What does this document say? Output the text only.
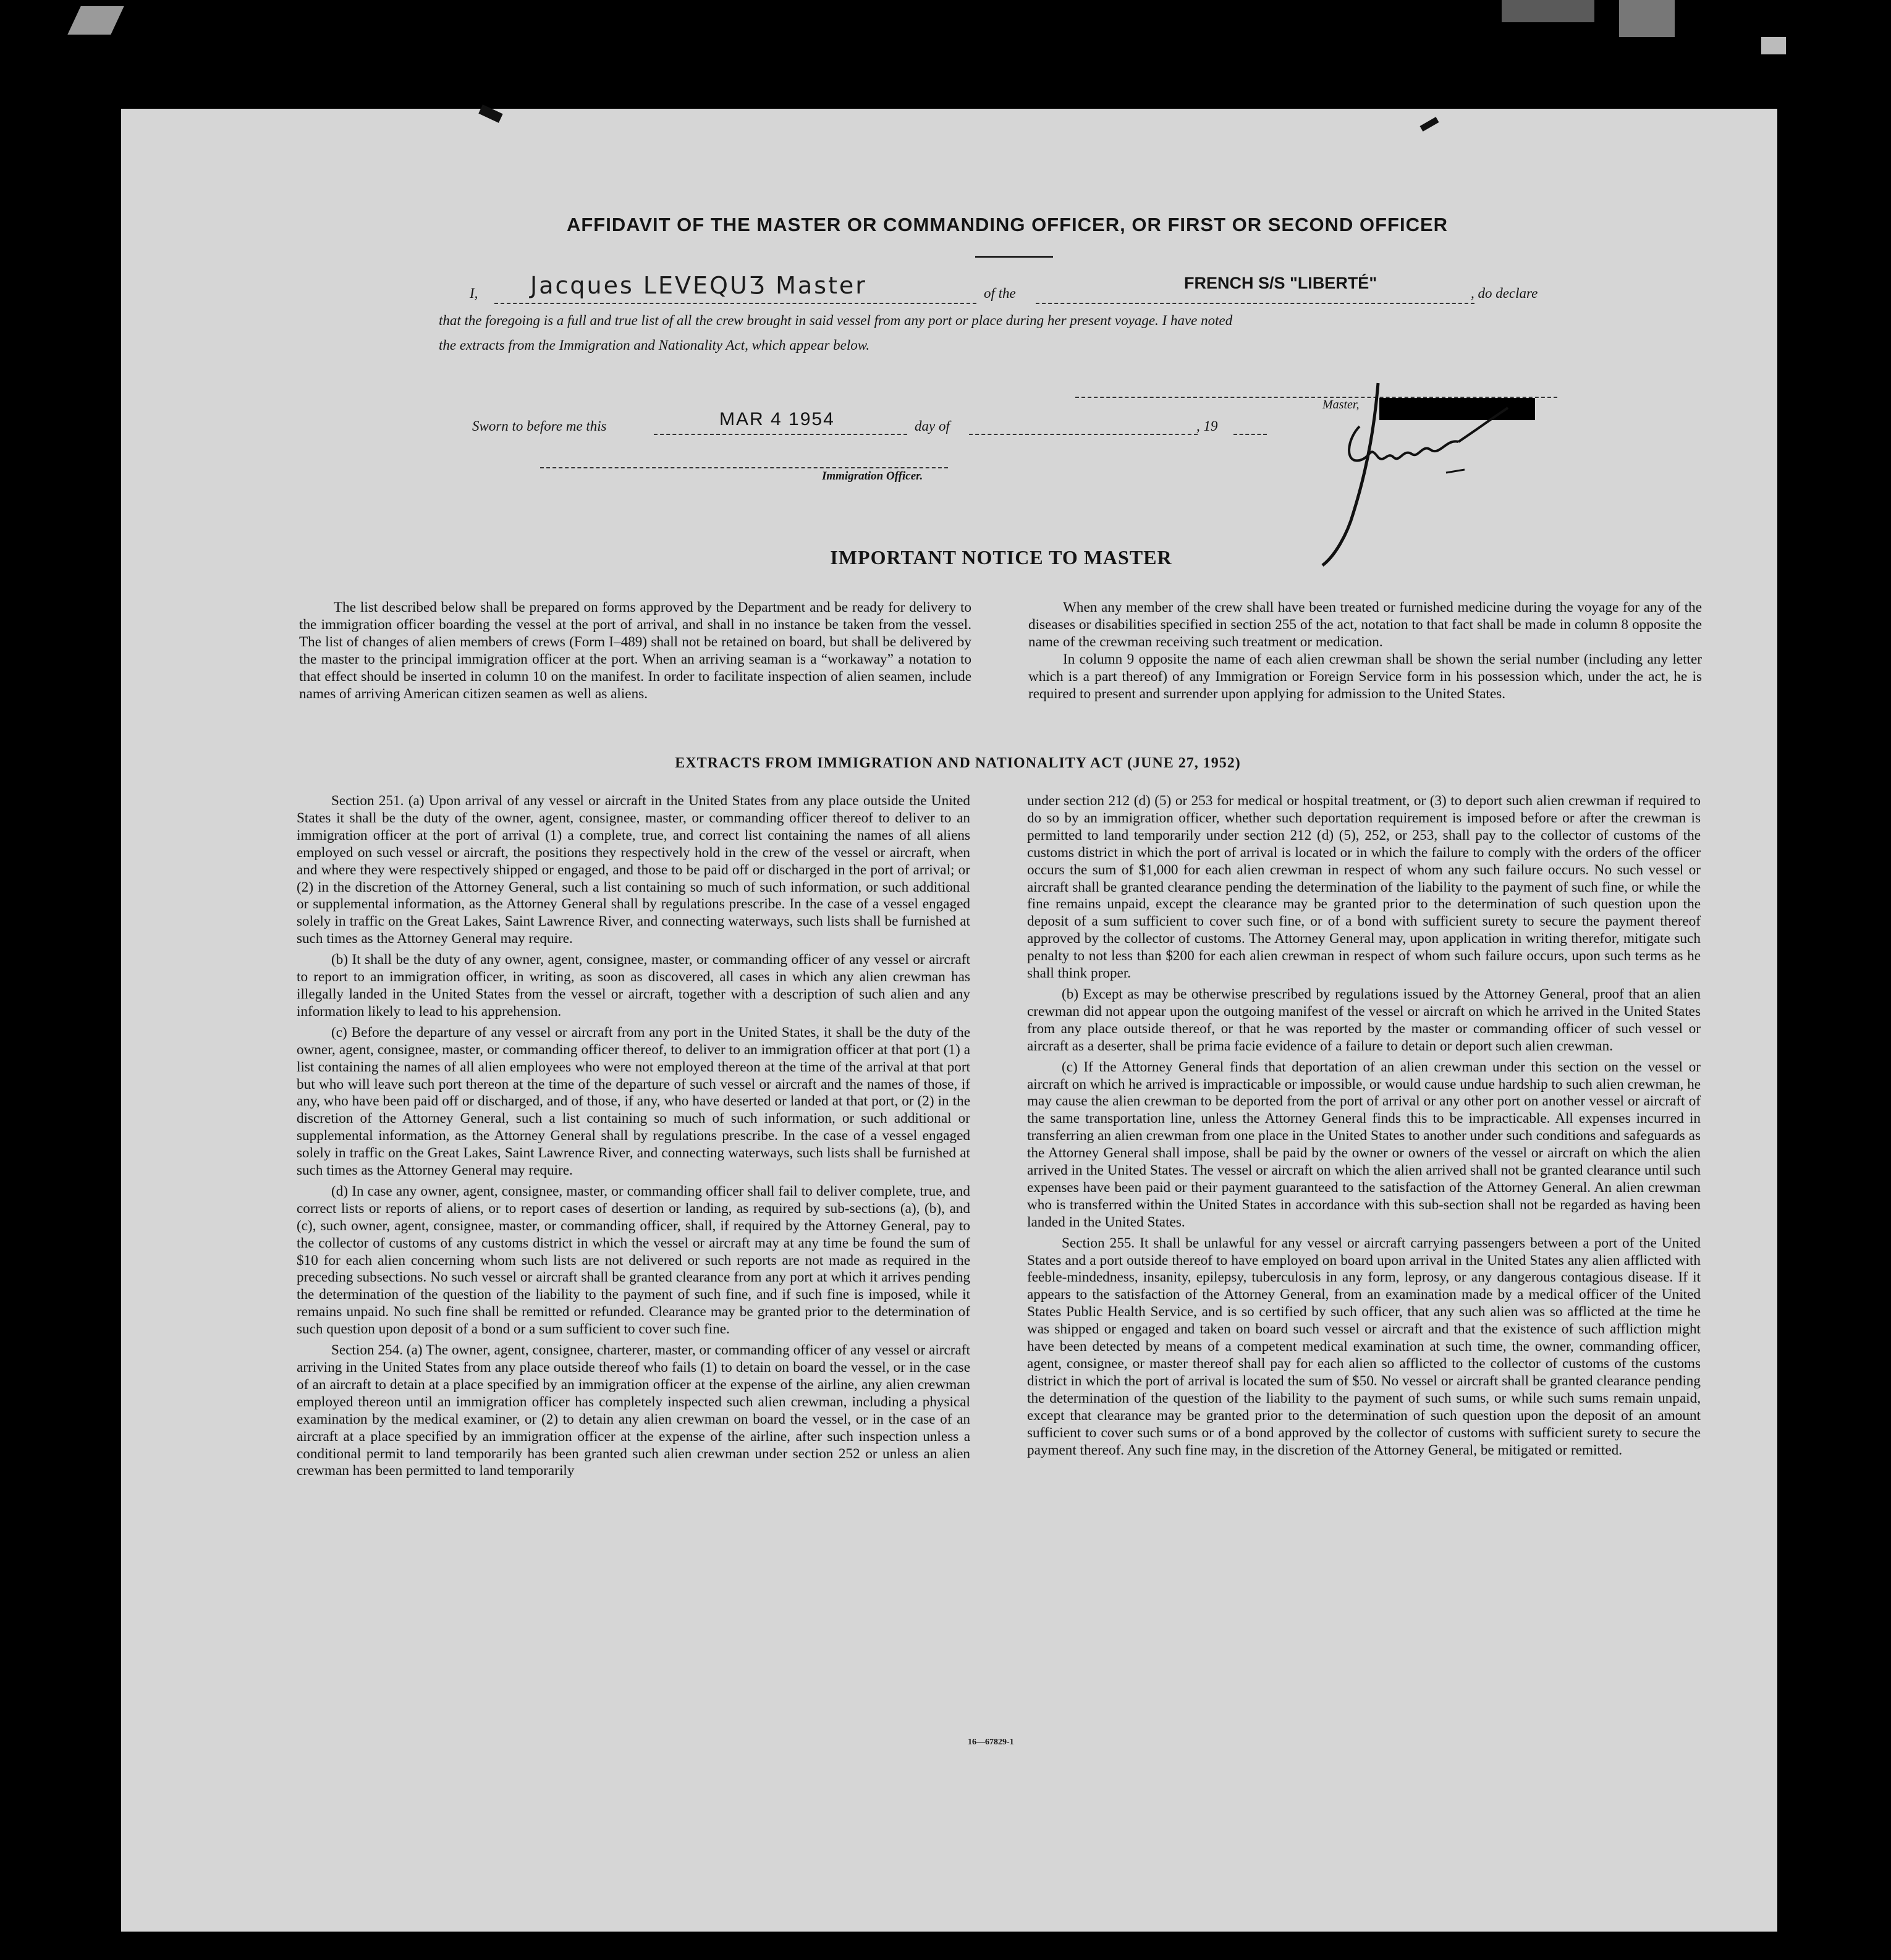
AFFIDAVIT OF THE MASTER OR COMMANDING OFFICER, OR FIRST OR SECOND OFFICER
I, Jacques LEVEQUƷ Master	of the
FRENCH S/S "LIBERTÉ"
, do declare
that the foregoing is a full and true list of all the crew brought in said vessel from any port or place during her present voyage. I have noted
the extracts from the Immigration and Nationality Act, which appear below.
Master,
Sworn to before me this	MAR 4 1954	day of	, 19
Immigration Officer.
IMPORTANT NOTICE TO MASTER

The list described below shall be prepared on forms approved by the Department and be ready for delivery to the immigration officer boarding the vessel at the port of arrival, and shall in no instance be taken from the vessel. The list of changes of alien members of crews (Form I–489) shall not be retained on board, but shall be delivered by the master to the principal immigration officer at the port. When an arriving seaman is a “workaway” a notation to that effect should be inserted in column 10 on the manifest. In order to facilitate inspection of alien seamen, include names of arriving American citizen seamen as well as aliens.

When any member of the crew shall have been treated or furnished medicine during the voyage for any of the diseases or disabilities specified in section 255 of the act, notation to that fact shall be made in column 8 opposite the name of the crewman receiving such treatment or medication.

In column 9 opposite the name of each alien crewman shall be shown the serial number (including any letter which is a part thereof) of any Immigration or Foreign Service form in his possession which, under the act, he is required to present and surrender upon applying for admission to the United States.

EXTRACTS FROM IMMIGRATION AND NATIONALITY ACT (JUNE 27, 1952)

Section 251. (a) Upon arrival of any vessel or aircraft in the United States from any place outside the United States it shall be the duty of the owner, agent, consignee, master, or commanding officer thereof to deliver to an immigration officer at the port of arrival (1) a complete, true, and correct list containing the names of all aliens employed on such vessel or aircraft, the positions they respectively hold in the crew of the vessel or aircraft, when and where they were respectively shipped or engaged, and those to be paid off or discharged in the port of arrival; or (2) in the discretion of the Attorney General, such a list containing so much of such information, or such additional or supplemental information, as the Attorney General shall by regulations prescribe. In the case of a vessel engaged solely in traffic on the Great Lakes, Saint Lawrence River, and connecting waterways, such lists shall be furnished at such times as the Attorney General may require.

(b) It shall be the duty of any owner, agent, consignee, master, or commanding officer of any vessel or aircraft to report to an immigration officer, in writing, as soon as discovered, all cases in which any alien crewman has illegally landed in the United States from the vessel or aircraft, together with a description of such alien and any information likely to lead to his apprehension.

(c) Before the departure of any vessel or aircraft from any port in the United States, it shall be the duty of the owner, agent, consignee, master, or commanding officer thereof, to deliver to an immigration officer at that port (1) a list containing the names of all alien employees who were not employed thereon at the time of the arrival at that port but who will leave such port thereon at the time of the departure of such vessel or aircraft and the names of those, if any, who have been paid off or discharged, and of those, if any, who have deserted or landed at that port, or (2) in the discretion of the Attorney General, such a list containing so much of such information, or such additional or supplemental information, as the Attorney General shall by regulations prescribe. In the case of a vessel engaged solely in traffic on the Great Lakes, Saint Lawrence River, and connecting waterways, such lists shall be furnished at such times as the Attorney General may require.

(d) In case any owner, agent, consignee, master, or commanding officer shall fail to deliver complete, true, and correct lists or reports of aliens, or to report cases of desertion or landing, as required by sub-sections (a), (b), and (c), such owner, agent, consignee, master, or commanding officer, shall, if required by the Attorney General, pay to the collector of customs of any customs district in which the vessel or aircraft may at any time be found the sum of $10 for each alien concerning whom such lists are not delivered or such reports are not made as required in the preceding subsections. No such vessel or aircraft shall be granted clearance from any port at which it arrives pending the determination of the question of the liability to the payment of such fine, and if such fine is imposed, while it remains unpaid. No such fine shall be remitted or refunded. Clearance may be granted prior to the determination of such question upon deposit of a bond or a sum sufficient to cover such fine.

Section 254. (a) The owner, agent, consignee, charterer, master, or commanding officer of any vessel or aircraft arriving in the United States from any place outside thereof who fails (1) to detain on board the vessel, or in the case of an aircraft to detain at a place specified by an immigration officer at the expense of the airline, any alien crewman employed thereon until an immigration officer has completely inspected such alien crewman, including a physical examination by the medical examiner, or (2) to detain any alien crewman on board the vessel, or in the case of an aircraft at a place specified by an immigration officer at the expense of the airline, after such inspection unless a conditional permit to land temporarily has been granted such alien crewman under section 252 or unless an alien crewman has been permitted to land temporarily

under section 212 (d) (5) or 253 for medical or hospital treatment, or (3) to deport such alien crewman if required to do so by an immigration officer, whether such deportation requirement is imposed before or after the crewman is permitted to land temporarily under section 212 (d) (5), 252, or 253, shall pay to the collector of customs of the customs district in which the port of arrival is located or in which the failure to comply with the orders of the officer occurs the sum of $1,000 for each alien crewman in respect of whom any such failure occurs. No such vessel or aircraft shall be granted clearance pending the determination of the liability to the payment of such fine, or while the fine remains unpaid, except the clearance may be granted prior to the determination of such question upon the deposit of a sum sufficient to cover such fine, or of a bond with sufficient surety to secure the payment thereof approved by the collector of customs. The Attorney General may, upon application in writing therefor, mitigate such penalty to not less than $200 for each alien crewman in respect of whom such failure occurs, upon such terms as he shall think proper.

(b) Except as may be otherwise prescribed by regulations issued by the Attorney General, proof that an alien crewman did not appear upon the outgoing manifest of the vessel or aircraft on which he arrived in the United States from any place outside thereof, or that he was reported by the master or commanding officer of such vessel or aircraft as a deserter, shall be prima facie evidence of a failure to detain or deport such alien crewman.

(c) If the Attorney General finds that deportation of an alien crewman under this section on the vessel or aircraft on which he arrived is impracticable or impossible, or would cause undue hardship to such alien crewman, he may cause the alien crewman to be deported from the port of arrival or any other port on another vessel or aircraft of the same transportation line, unless the Attorney General finds this to be impracticable. All expenses incurred in transferring an alien crewman from one place in the United States to another under such conditions and safeguards as the Attorney General shall impose, shall be paid by the owner or owners of the vessel or aircraft on which the alien arrived in the United States. The vessel or aircraft on which the alien arrived shall not be granted clearance until such expenses have been paid or their payment guaranteed to the satisfaction of the Attorney General. An alien crewman who is transferred within the United States in accordance with this sub-section shall not be regarded as having been landed in the United States.

Section 255. It shall be unlawful for any vessel or aircraft carrying passengers between a port of the United States and a port outside thereof to have employed on board upon arrival in the United States any alien afflicted with feeble-mindedness, insanity, epilepsy, tuberculosis in any form, leprosy, or any dangerous contagious disease. If it appears to the satisfaction of the Attorney General, from an examination made by a medical officer of the United States Public Health Service, and is so certified by such officer, that any such alien was so afflicted at the time he was shipped or engaged and taken on board such vessel or aircraft and that the existence of such affliction might have been detected by means of a competent medical examination at such time, the owner, commanding officer, agent, consignee, or master thereof shall pay for each alien so afflicted to the collector of customs of the customs district in which the port of arrival is located the sum of $50. No vessel or aircraft shall be granted clearance pending the determination of the question of the liability to the payment of such sums, or while such sums remain unpaid, except that clearance may be granted prior to the determination of such question upon the deposit of an amount sufficient to cover such sums or of a bond approved by the collector of customs with sufficient surety to secure the payment thereof. Any such fine may, in the discretion of the Attorney General, be mitigated or remitted.

16—67829-1
